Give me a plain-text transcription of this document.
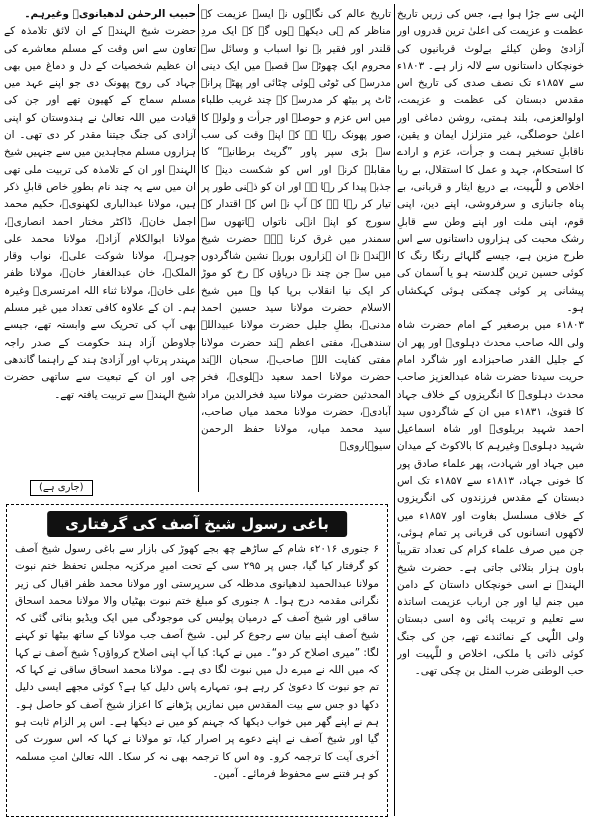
الہٰی سے جڑا ہوا ہے، جس کی زریں تاریخ عظمت و عزیمت کی اعلیٰ ترین قدروں اور آزادیٔ وطن کیلئے بےلوث قربانیوں کی خونچکاں داستانوں سے لالہ زار ہے۔ ۱۸۰۳ء سے ۱۸۵۷ء تک نصف صدی کی تاریخ اس مقدس دبستان کی عظمت و عزیمت، اولوالعزمی، بلند ہمتی، روشن دماغی اور اعلیٰ حوصلگی، غیر متزلزل ایمان و یقین، ناقابلِ تسخیر ہمت و جرأت، عزم و ارادے کا استحکام، جہد و عمل کا استقلال، بے ریا اخلاص و للّٰہیت، بے دریغ ایثار و قربانی، بے پناہ جانبازی و سرفروشی، اپنے دین، اپنی قوم، اپنی ملت اور اپنے وطن سے قابلِ رشک محبت کی ہزاروں داستانوں سے اس طرح مزین ہے، جیسے گلہائے رنگا رنگ کا کوئی حسین ترین گلدستہ ہو یا آسمان کی پیشانی پر کوئی چمکتی ہوئی کہکشاں ہو۔

۱۸۰۳ء میں برصغیر کے امام حضرت شاہ ولی اللہ صاحب محدث دہلویؒ اور پھر ان کے جلیل القدر صاحبزادے اور شاگرد امام حریت سیدنا حضرت شاہ عبدالعزیز صاحب محدث دہلویؒ کا انگریزوں کے خلاف جہاد کا فتویٰ، ۱۸۳۱ء میں ان کے شاگردوں سید احمد شہید بریلویؒ اور شاہ اسماعیل شہید دہلویؒ وغیرہم کا بالاکوٹ کے میدان میں جہاد اور شہادت، پھر علماء صادق پور کا خونی جہاد، ۱۸۱۳ء سے ۱۸۵۷ء تک اس دبستان کے مقدس فرزندوں کی انگریزوں کے خلاف مسلسل بغاوت اور ۱۸۵۷ء میں لاکھوں انسانوں کی قربانی پر تمام ہوئی، جن میں صرف علماء کرام کی تعداد تقریباً باون ہزار بتلائی جاتی ہے۔ حضرت شیخ الہندؒ نے اسی خونچکاں داستان کے دامن میں جنم لیا اور جن ارباب عزیمت اساتذہ سے تعلیم و تربیت پائی وہ اسی دبستان ولی اللّٰہی کے نمائندے تھے، جن کی جنگ کوئی ذاتی یا ملکی، اخلاص و للّٰہیت اور حب الوطنی ضرب المثل بن چکی تھی۔

تاریخ عالم کی نگاہوں نے ایسے عزیمت کے مناظر کم ہی دیکھے ہوں گے کہ ایک مردِ قلندر اور فقیر بے نوا اسباب و وسائل سے محروم ایک چھوٹے سے قصبے میں ایک دینی مدرسہ کی ٹوٹی ہوئی چٹائی اور پھٹے پرانے ٹاٹ پر بیٹھ کر مدرسے کے چند غریب طلباء میں اس عزم و حوصلے اور جرأت و ولولے کا صور پھونک رہا ہے کہ اپنے وقت کی سب سے بڑی سپر پاور ”گریٹ برطانیہ“ کا مقابلہ کرنے اور اس کو شکست دینے کا جذبہ پیدا کر رہا ہے اور ان کو ذہنی طور پر تیار کر رہا ہے کہ آپ نے اس کے اقتدار کے سورج کو اپنے انہی ناتواں ہاتھوں سے سمندر میں غرق کرنا ہے۔ حضرت شیخ الہندؒ نے ان ہزاروں بوریہ نشین شاگردوں میں سے جن چند نے دریاؤں کے رخ کو موڑ کر ایک نیا انقلاب برپا کیا وہ میں شیخ الاسلام حضرت مولانا سید حسین احمد مدنیؒ، بطلِ جلیل حضرت مولانا عبیداللہ سندھیؒ، مفتی اعظم ہند حضرت مولانا مفتی کفایت اللہ صاحبؒ، سحبان الہند حضرت مولانا احمد سعید دہلویؒ، فخر المحدثین حضرت مولانا سید فخرالدین مراد آبادیؒ، حضرت مولانا محمد میاں صاحب، سید محمد میاں، مولانا حفظ الرحمن سیوہارویؒ

حبیب الرحمٰن لدھیانویؒ وغیرہم۔

حضرت شیخ الہندؒ کے ان لائق تلامذہ کے تعاون سے اس وقت کے مسلم معاشرے کی ان عظیم شخصیات کے دل و دماغ میں بھی جہاد کی روح پھونک دی جو اپنے عہد میں مسلم سماج کے کھیون تھے اور جن کی قیادت میں اللہ تعالیٰ نے ہندوستان کو اپنی آزادی کی جنگ جیتنا مقدر کر دی تھی۔ ان ہزاروں مسلم مجاہدین میں سے جنہیں شیخ الہندؒ اور ان کے تلامذہ کی تربیت ملی تھی ان میں سے یہ چند نام بطورِ خاص قابلِ ذکر ہیں، مولانا عبدالباری لکھنویؒ، حکیم محمد اجمل خانؒ، ڈاکٹر مختار احمد انصاریؒ، مولانا ابوالکلام آزادؒ، مولانا محمد علی جوہرؒ، مولانا شوکت علیؒ، نواب وقار الملکؒ، خان عبدالغفار خانؒ، مولانا ظفر علی خانؒ، مولانا ثناء اللہ امرتسریؒ وغیرہ ہم۔ ان کے علاوہ کافی تعداد میں غیر مسلم بھی آپ کی تحریک سے وابستہ تھے، جیسے جلاوطن آزاد ہند حکومت کے صدر راجہ مہندر پرتاپ اور آزادیٔ ہند کے راہنما گاندھی جی اور ان کے تبعیت سے ساتھی حضرت شیخ الہندؒ سے تربیت یافتہ تھے۔

(جاری ہے)
باغی رسول شیخ آصف کی گرفتاری
۶ جنوری ۲۰۱۶ء شام کے ساڑھے چھ بجے کھوڑ کی بازار سے باغی رسول شیخ آصف کو گرفتار کیا گیا، جس پر ۲۹۵ سی کے تحت امیرِ مرکزیہ مجلس تحفظ ختم نبوت مولانا عبدالحمید لدھیانوی مدظلہ کی سرپرستی اور مولانا محمد ظفر اقبال کی زیر نگرانی مقدمہ درج ہوا۔ ۸ جنوری کو مبلغ ختم نبوت بھٹیاں والا مولانا محمد اسحاق ساقی اور شیخ آصف کے درمیان پولیس کی موجودگی میں ایک ویڈیو بنائی گئی کہ شیخ آصف اپنے بیان سے رجوع کر لیں۔ شیخ آصف جب مولانا کے ساتھ بیٹھا تو کہنے لگا: ”میری اصلاح کر دو“۔ میں نے کہا: کیا آپ اپنی اصلاح کرواؤں؟ شیخ آصف نے کہا کہ میں اللہ نے میرے دل میں نبوت لگا دی ہے۔ مولانا محمد اسحاق ساقی نے کہا کہ تم جو نبوت کا دعویٰ کر رہے ہو، تمہارے پاس دلیل کیا ہے؟ کوئی مجھے ایسی دلیل دکھا دو جس سے بیت المقدس میں نمازیں پڑھانے کا اعزاز شیخ آصف کو حاصل ہو۔ ہم نے اپنے گھر میں خواب دیکھا کہ جہنم کو میں نے دیکھا ہے۔ اس پر الزام ثابت ہو گیا اور شیخ آصف نے اپنے دعوے پر اصرار کیا، تو مولانا نے کہا کہ اس سورت کی آخری آیت کا ترجمہ کرو۔ وہ اس کا ترجمہ بھی نہ کر سکا۔ اللہ تعالیٰ امتِ مسلمہ کو ہر فتنے سے محفوظ فرمائے۔ آمین۔
